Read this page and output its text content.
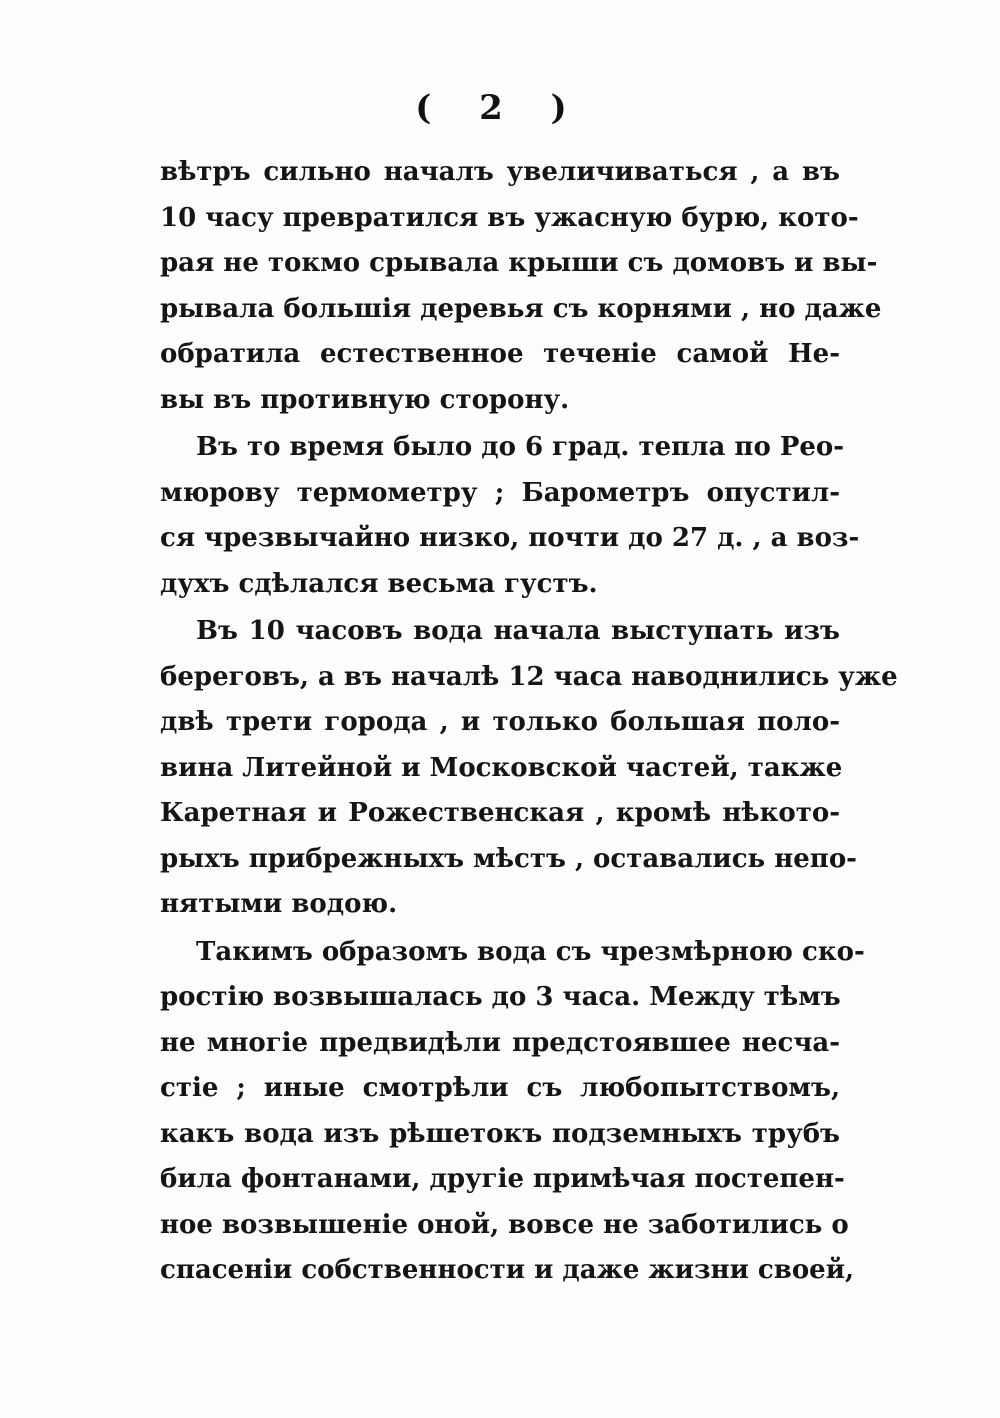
( 2 )
вѣтръ сильно началъ увеличиваться , а въ
10 часу превратился въ ужасную бурю, кото-
рая не токмо срывала крыши съ домовъ и вы-
рывала большія деревья съ корнями , но даже
обратила естественное теченіе самой Не-
вы въ противную сторону.
Въ то время было до 6 град. тепла по Рео-
мюрову термометру ; Барометръ опустил-
ся чрезвычайно низко, почти до 27 д. , а воз-
духъ сдѣлался весьма густъ.
Въ 10 часовъ вода начала выступать изъ
береговъ, а въ началѣ 12 часа наводнились уже
двѣ трети города , и только большая поло-
вина Литейной и Московской частей, также
Каретная и Рожественская , кромѣ нѣкото-
рыхъ прибрежныхъ мѣстъ , оставались непо-
нятыми водою.
Такимъ образомъ вода съ чрезмѣрною ско-
ростію возвышалась до 3 часа. Между тѣмъ
не многіе предвидѣли предстоявшее несча-
стіе ; иные смотрѣли съ любопытствомъ,
какъ вода изъ рѣшетокъ подземныхъ трубъ
била фонтанами, другіе примѣчая постепен-
ное возвышеніе оной, вовсе не заботились о
спасеніи собственности и даже жизни своей,
